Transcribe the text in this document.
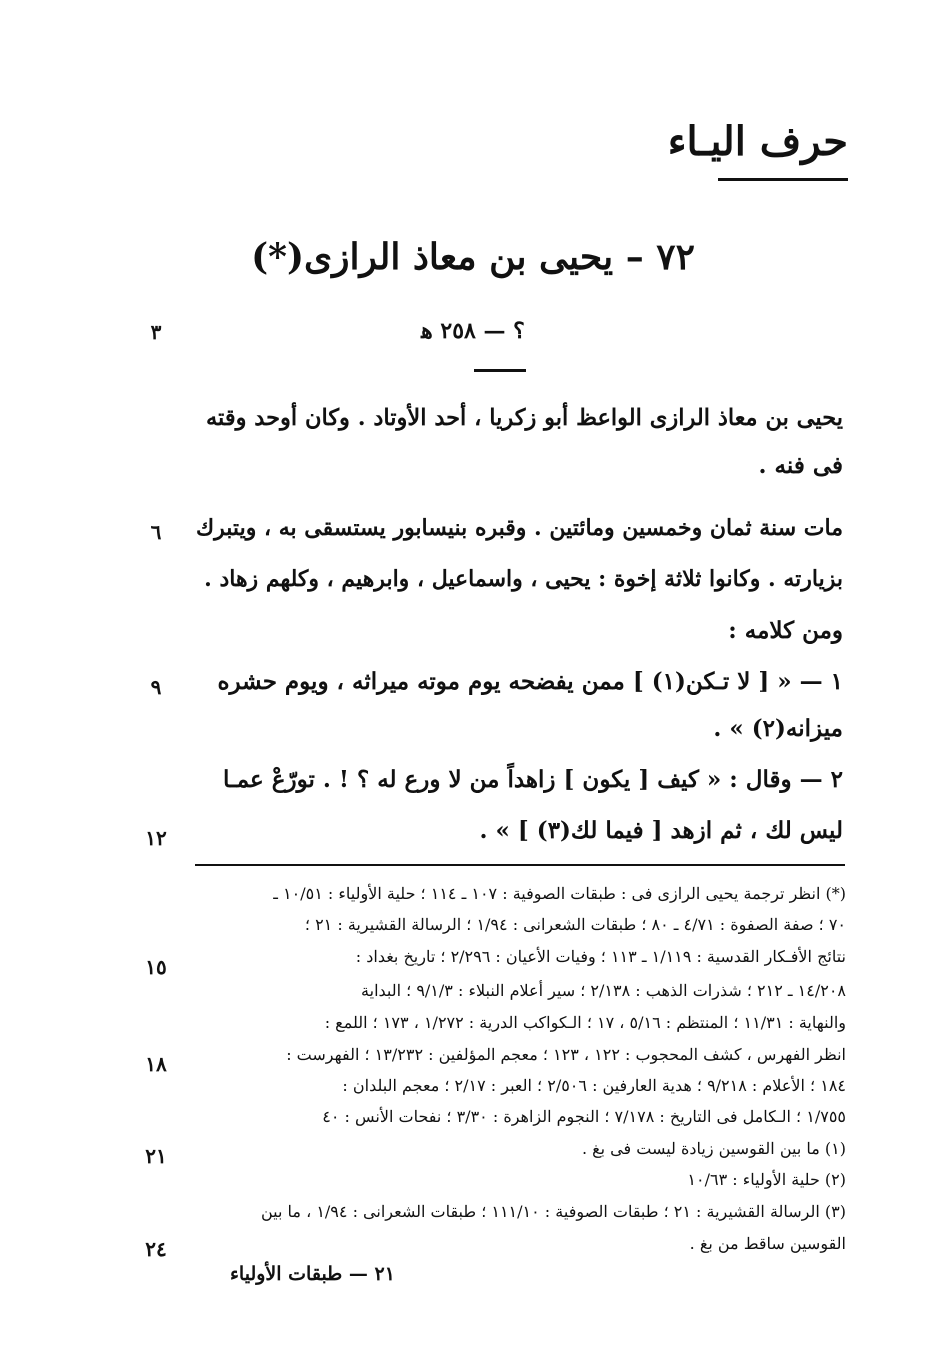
حرف اليـاء
٧٢ – يحيى بن معاذ الرازى(*)
؟ — ٢٥٨ ﻫ
يحيى بن معاذ الرازى الواعظ أبو زكريا ، أحد الأوتاد . وكان أوحد وقته
فى فنه .
مات سنة ثمان وخمسين ومائتين . وقبره بنيسابور يستسقى به ، ويتبرك
بزيارته . وكانوا ثلاثة إخوة : يحيى ، واسماعيل ، وابرهيم ، وكلهم زهاد .
ومن كلامه :
١ — « [ لا تـكن(١) ] ممن يفضحه يوم موته ميراثه ، ويوم حشره
ميزانه(٢) » .
٢ — وقال : « كيف [ يكون ] زاهداً من لا ورع له ؟ ! . تورّعْ عمـا
ليس لك ، ثم ازهد [ فيما لك(٣) ] » .
(*) انظر ترجمة يحيى الرازى فى : طبقات الصوفية : ١٠٧ ـ ١١٤ ؛ حلية الأولياء : ١٠/٥١ ـ
٧٠ ؛ صفة الصفوة : ٤/٧١ ـ ٨٠ ؛ طبقات الشعرانى : ١/٩٤ ؛ الرسالة القشيرية : ٢١ ؛
نتائج الأفـكار القدسية : ١/١١٩ ـ ١١٣ ؛ وفيات الأعيان : ٢/٢٩٦ ؛ تاريخ بغداد :
١٤/٢٠٨ ـ ٢١٢ ؛ شذرات الذهب : ٢/١٣٨ ؛ سير أعلام النبلاء : ٩/١/٣ ؛ البداية
والنهاية : ١١/٣١ ؛ المنتظم : ٥/١٦ ، ١٧ ؛ الـكواكب الدرية : ١/٢٧٢ ، ١٧٣ ؛ اللمع :
انظر الفهرس ، كشف المحجوب : ١٢٢ ، ١٢٣ ؛ معجم المؤلفين : ١٣/٢٣٢ ؛ الفهرست :
١٨٤ ؛ الأعلام : ٩/٢١٨ ؛ هدية العارفين : ٢/٥٠٦ ؛ العبر : ٢/١٧ ؛ معجم البلدان :
١/٧٥٥ ؛ الـكامل فى التاريخ : ٧/١٧٨ ؛ النجوم الزاهرة : ٣/٣٠ ؛ نفحات الأنس : ٤٠
(١) ما بين القوسين زيادة ليست فى بغ .
(٢) حلية الأولياء : ١٠/٦٣
(٣) الرسالة القشيرية : ٢١ ؛ طبقات الصوفية : ١١١/١٠ ؛ طبقات الشعرانى : ١/٩٤ ، ما بين
القوسين ساقط من بغ .
٣
٦
٩
١٢
١٥
١٨
٢١
٢٤
٢١ — طبقات الأولياء
